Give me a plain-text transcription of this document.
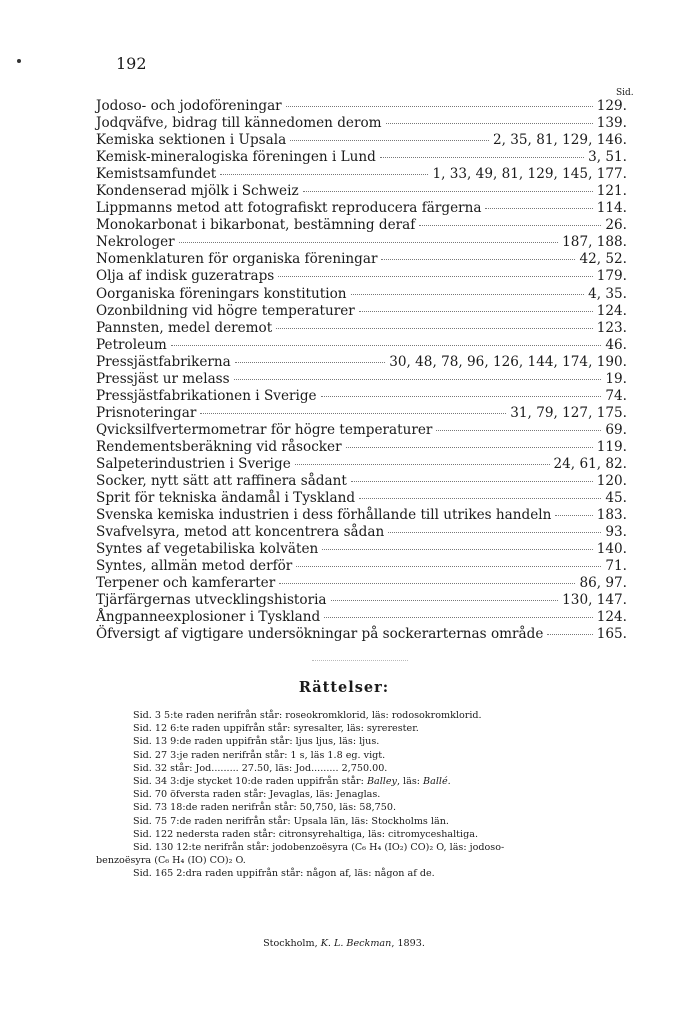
192
Sid.
Jodoso- och jodoföreningar	129.
Jodqväfve, bidrag till kännedomen derom	139.
Kemiska sektionen i Upsala	2, 35, 81, 129, 146.
Kemisk-mineralogiska föreningen i Lund	3, 51.
Kemistsamfundet	1, 33, 49, 81, 129, 145, 177.
Kondenserad mjölk i Schweiz	121.
Lippmanns metod att fotografiskt reproducera färgerna	114.
Monokarbonat i bikarbonat, bestämning deraf	26.
Nekrologer	187, 188.
Nomenklaturen för organiska föreningar	42, 52.
Olja af indisk guzeratraps	179.
Oorganiska föreningars konstitution	4, 35.
Ozonbildning vid högre temperaturer	124.
Pannsten, medel deremot	123.
Petroleum	46.
Pressjästfabrikerna	30, 48, 78, 96, 126, 144, 174, 190.
Pressjäst ur melass	19.
Pressjästfabrikationen i Sverige	74.
Prisnoteringar	31, 79, 127, 175.
Qvicksilfvertermometrar för högre temperaturer	69.
Rendementsberäkning vid råsocker	119.
Salpeterindustrien i Sverige	24, 61, 82.
Socker, nytt sätt att raffinera sådant	120.
Sprit för tekniska ändamål i Tyskland	45.
Svenska kemiska industrien i dess förhållande till utrikes handeln	183.
Svafvelsyra, metod att koncentrera sådan	93.
Syntes af vegetabiliska kolväten	140.
Syntes, allmän metod derför	71.
Terpener och kamferarter	86, 97.
Tjärfärgernas utvecklingshistoria	130, 147.
Ångpanneexplosioner i Tyskland	124.
Öfversigt af vigtigare undersökningar på sockerarternas område	165.
Rättelser:
Sid. 3 5:te raden nerifrån står: roseokromklorid, läs: rodosokromklorid.
Sid. 12 6:te raden uppifrån står: syresalter, läs: syrerester.
Sid. 13 9:de raden uppifrån står: ljus ljus, läs: ljus.
Sid. 27 3:je raden nerifrån står: 1 s, läs 1.8 eg. vigt.
Sid. 32 står: Jod......... 27.50, läs: Jod......... 2,750.00.
Sid. 34 3:dje stycket 10:de raden uppifrån står: Balley, läs: Ballé.
Sid. 70 öfversta raden står: Jevaglas, läs: Jenaglas.
Sid. 73 18:de raden nerifrån står: 50,750, läs: 58,750.
Sid. 75 7:de raden nerifrån står: Upsala län, läs: Stockholms län.
Sid. 122 nedersta raden står: citronsyrehaltiga, läs: citromyceshaltiga.
Sid. 130 12:te nerifrån står: jodobenzoësyra (C₆ H₄ (IO₂) CO)₂ O, läs: jodoso-
benzoësyra (C₆ H₄ (IO) CO)₂ O.
Sid. 165 2:dra raden uppifrån står: någon af, läs: någon af de.
Stockholm, K. L. Beckman, 1893.
